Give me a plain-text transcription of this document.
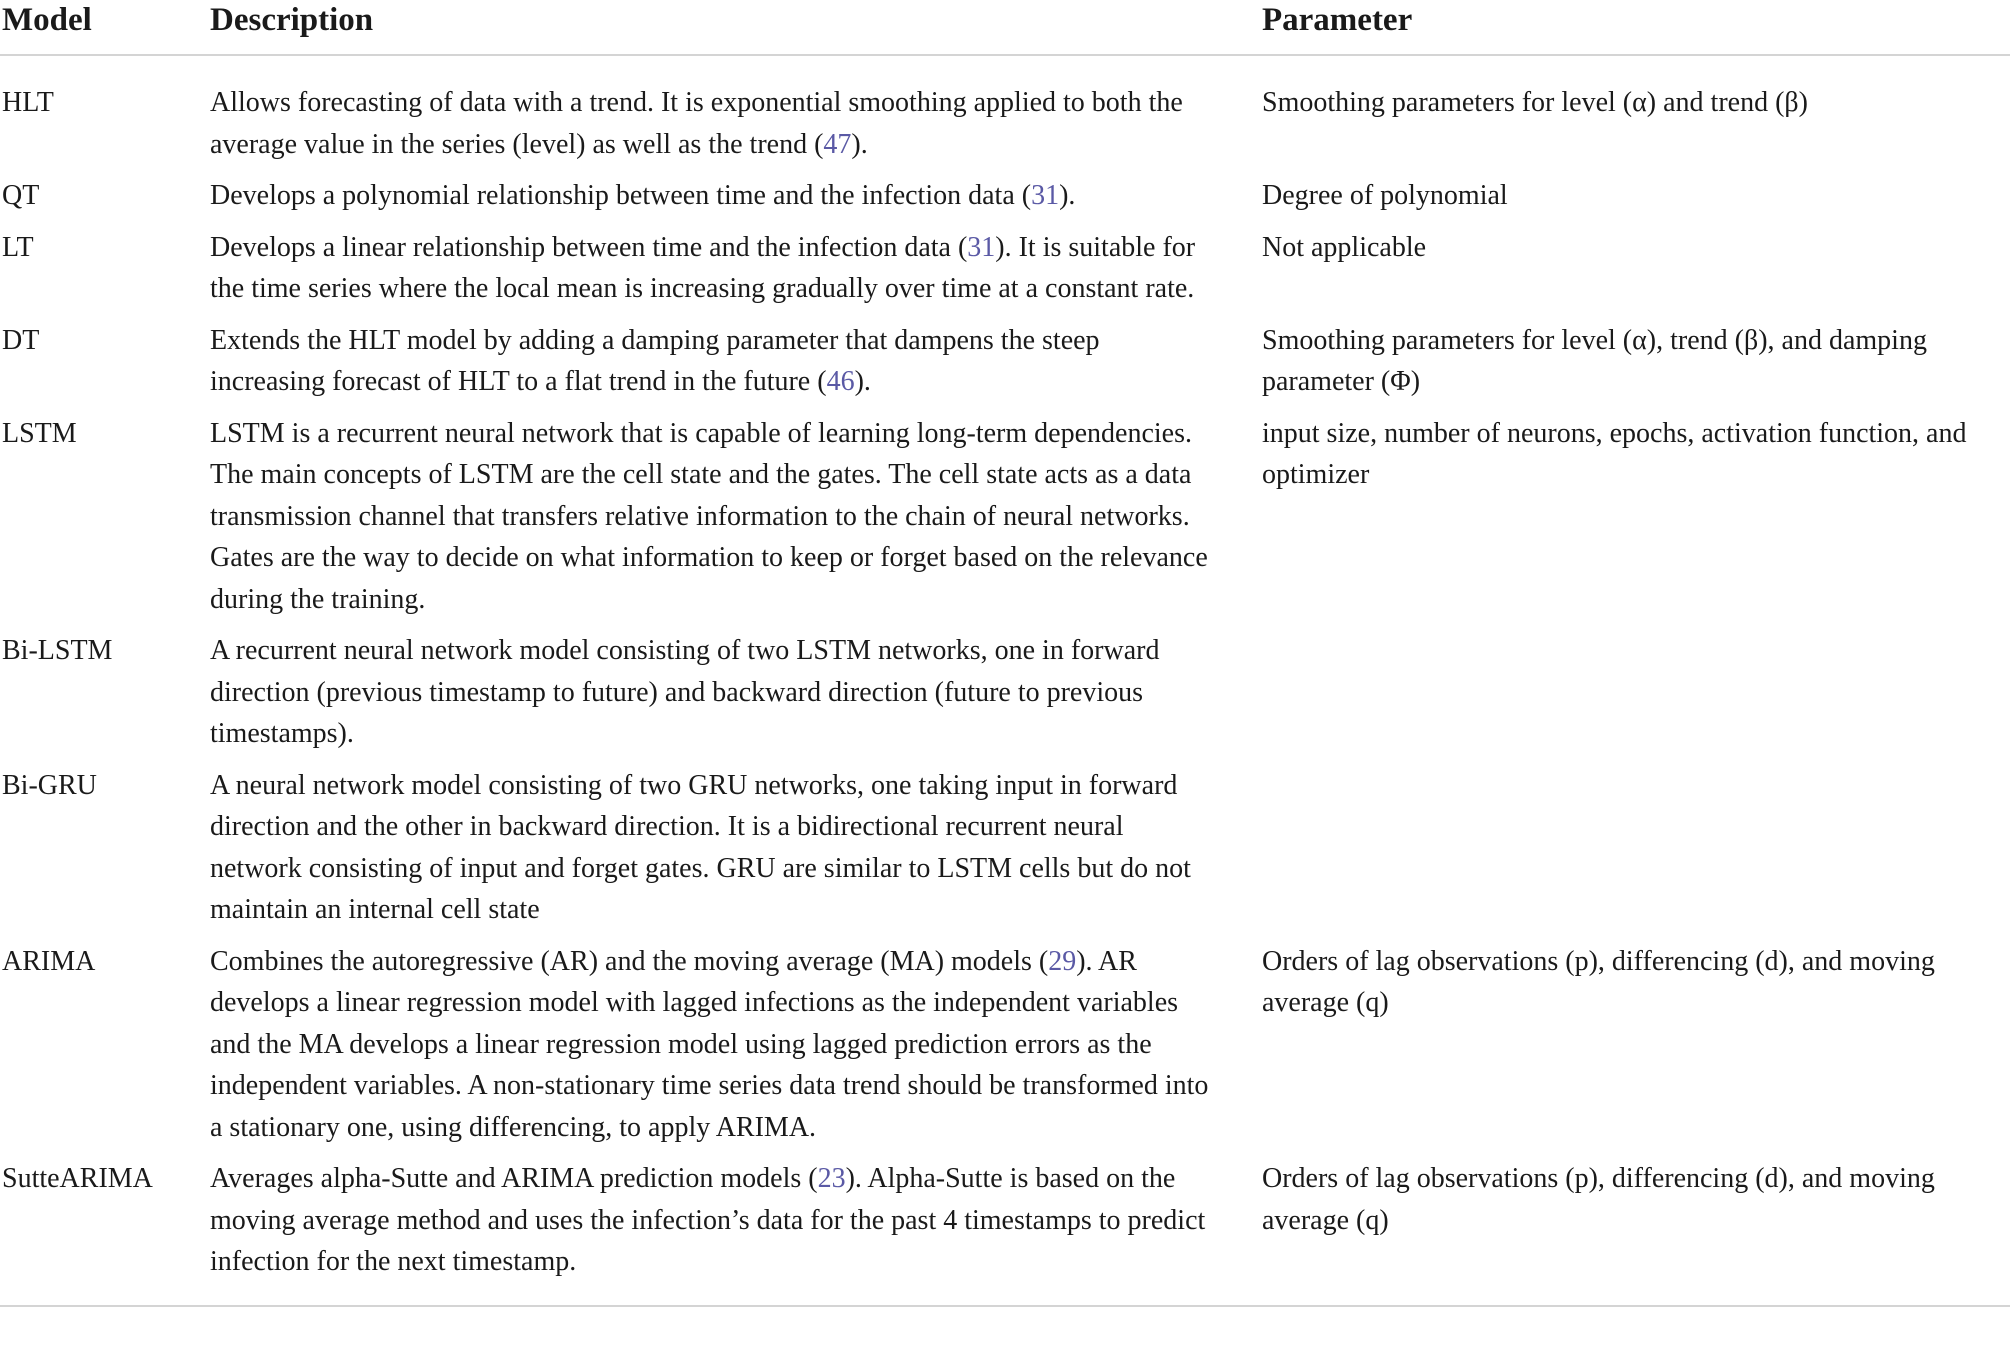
Model	Description	Parameter
HLT	Allows forecasting of data with a trend. It is exponential smoothing applied to both the average value in the series (level) as well as the trend (47).	Smoothing parameters for level (α) and trend (β)
QT	Develops a polynomial relationship between time and the infection data (31).	Degree of polynomial
LT	Develops a linear relationship between time and the infection data (31). It is suitable for the time series where the local mean is increasing gradually over time at a constant rate.	Not applicable
DT	Extends the HLT model by adding a damping parameter that dampens the steep increasing forecast of HLT to a flat trend in the future (46).	Smoothing parameters for level (α), trend (β), and damping parameter (Φ)
LSTM	LSTM is a recurrent neural network that is capable of learning long-term dependencies. The main concepts of LSTM are the cell state and the gates. The cell state acts as a data transmission channel that transfers relative information to the chain of neural networks. Gates are the way to decide on what information to keep or forget based on the relevance during the training.	input size, number of neurons, epochs, activation function, and optimizer
Bi-LSTM	A recurrent neural network model consisting of two LSTM networks, one in forward direction (previous timestamp to future) and backward direction (future to previous timestamps).	
Bi-GRU	A neural network model consisting of two GRU networks, one taking input in forward direction and the other in backward direction. It is a bidirectional recurrent neural network consisting of input and forget gates. GRU are similar to LSTM cells but do not maintain an internal cell state	
ARIMA	Combines the autoregressive (AR) and the moving average (MA) models (29). AR develops a linear regression model with lagged infections as the independent variables and the MA develops a linear regression model using lagged prediction errors as the independent variables. A non-stationary time series data trend should be transformed into a stationary one, using differencing, to apply ARIMA.	Orders of lag observations (p), differencing (d), and moving average (q)
SutteARIMA	Averages alpha-Sutte and ARIMA prediction models (23). Alpha-Sutte is based on the moving average method and uses the infection’s data for the past 4 timestamps to predict infection for the next timestamp.	Orders of lag observations (p), differencing (d), and moving average (q)
